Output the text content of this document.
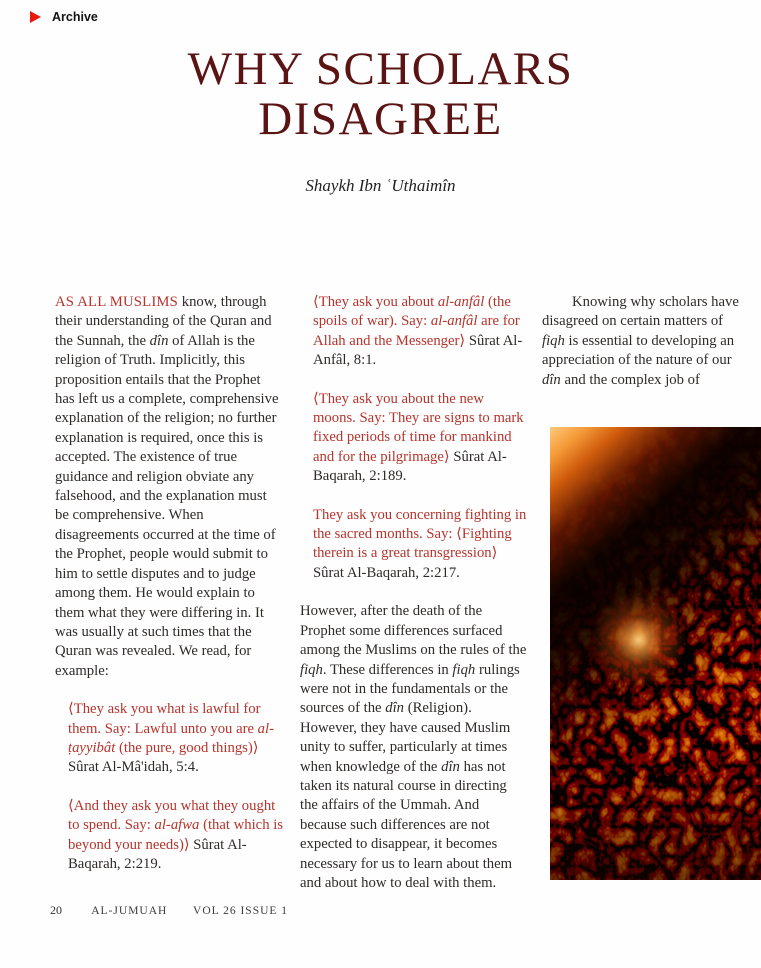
Archive
WHY SCHOLARS
DISAGREE
Shaykh Ibn ʿUthaimîn

AS ALL MUSLIMS know, through their understanding of the Quran and the Sunnah, the dîn of Allah is the religion of Truth. Implicitly, this proposition entails that the Prophet has left us a complete, comprehensive explanation of the religion; no further explanation is required, once this is accepted. The existence of true guidance and religion obviate any falsehood, and the explanation must be comprehensive. When disagreements occurred at the time of the Prophet, people would submit to him to settle disputes and to judge among them. He would explain to them what they were differing in. It was usually at such times that the Quran was revealed. We read, for example:

⟨They ask you what is lawful for them. Say: Lawful unto you are al-ṭayyibât (the pure, good things)⟩ Sûrat Al-Mâ'idah, 5:4.

⟨And they ask you what they ought to spend. Say: al-afwa (that which is beyond your needs)⟩ Sûrat Al- Baqarah, 2:219.

⟨They ask you about al-anfâl (the spoils of war). Say: al-anfâl are for Allah and the Messenger⟩ Sûrat Al-Anfâl, 8:1.

⟨They ask you about the new moons. Say: They are signs to mark fixed periods of time for mankind and for the pilgrimage⟩ Sûrat Al-Baqarah, 2:189.

They ask you concerning fighting in the sacred months. Say: ⟨Fighting therein is a great transgression⟩ Sûrat Al-Baqarah, 2:217.

However, after the death of the Prophet some differences surfaced among the Muslims on the rules of the fiqh. These differences in fiqh rulings were not in the fundamentals or the sources of the dîn (Religion). However, they have caused Muslim unity to suffer, particularly at times when knowledge of the dîn has not taken its natural course in directing the affairs of the Ummah. And because such differences are not expected to disappear, it becomes necessary for us to learn about them and about how to deal with them.

Knowing why scholars have disagreed on certain matters of fiqh is essential to developing an appreciation of the nature of our dîn and the complex job of

20	AL-JUMUAH VOL 26 ISSUE 1
